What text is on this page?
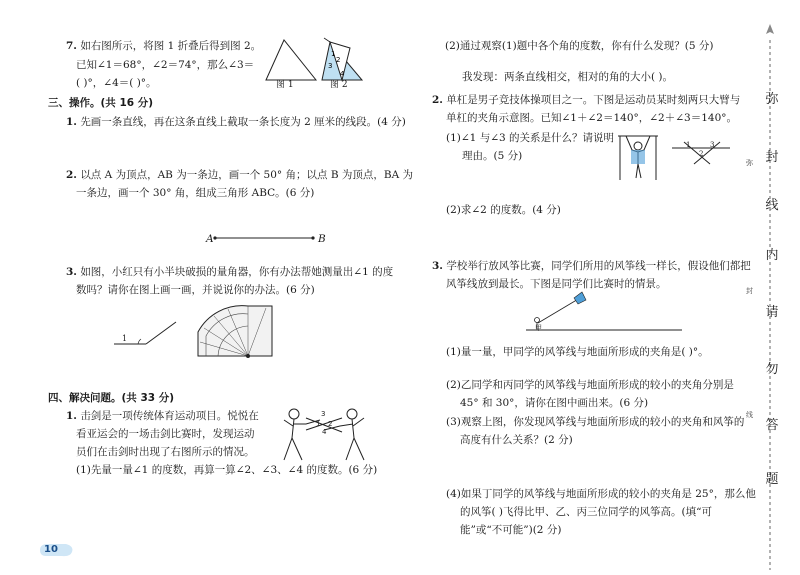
7. 如右图所示，将图 1 折叠后得到图 2。
已知∠1＝68°，∠2＝74°，那么∠3＝
( )°，∠4＝( )°。
1
2
3
4
图 1	图 2
三、操作。(共 16 分)
1. 先画一条直线，再在这条直线上截取一条长度为 2 厘米的线段。(4 分)
2. 以点 A 为顶点，AB 为一条边，画一个 50° 角；以点 B 为顶点，BA 为
一条边，画一个 30° 角，组成三角形 ABC。(6 分)
A	B
3. 如图，小红只有小半块破损的量角器，你有办法帮她测量出∠1 的度
数吗？请你在图上画一画，并说说你的办法。(6 分)
1
四、解决问题。(共 33 分)
1. 击剑是一项传统体育运动项目。悦悦在
看亚运会的一场击剑比赛时，发现运动
员们在击剑时出现了右图所示的情况。
(1)先量一量∠1 的度数，再算一算∠2、∠3、∠4 的度数。(6 分)
3
1 2
4
(2)通过观察(1)题中各个角的度数，你有什么发现？(5 分)
我发现：两条直线相交，相对的角的大小( )。
2. 单杠是男子竞技体操项目之一。下图是运动员某时刻两只大臂与
单杠的夹角示意图。已知∠1＋∠2＝140°，∠2＋∠3＝140°。
(1)∠1 与∠3 的关系是什么？请说明
理由。(5 分)
1
2
3
(2)求∠2 的度数。(4 分)
3. 学校举行放风筝比赛，同学们所用的风筝线一样长，假设他们都把
风筝线放到最长。下图是同学们比赛时的情景。
甲
(1)量一量，甲同学的风筝线与地面所形成的夹角是( )°。
(2)乙同学和丙同学的风筝线与地面所形成的较小的夹角分别是
45° 和 30°，请你在图中画出来。(6 分)
(3)观察上图，你发现风筝线与地面所形成的较小的夹角和风筝的
高度有什么关系？(2 分)
(4)如果丁同学的风筝线与地面所形成的较小的夹角是 25°，那么他
的风筝( )飞得比甲、乙、丙三位同学的风筝高。(填“可
能”或“不可能”)(2 分)
弥
封
线
内
请
勿
答
题
弥
封
线
10
